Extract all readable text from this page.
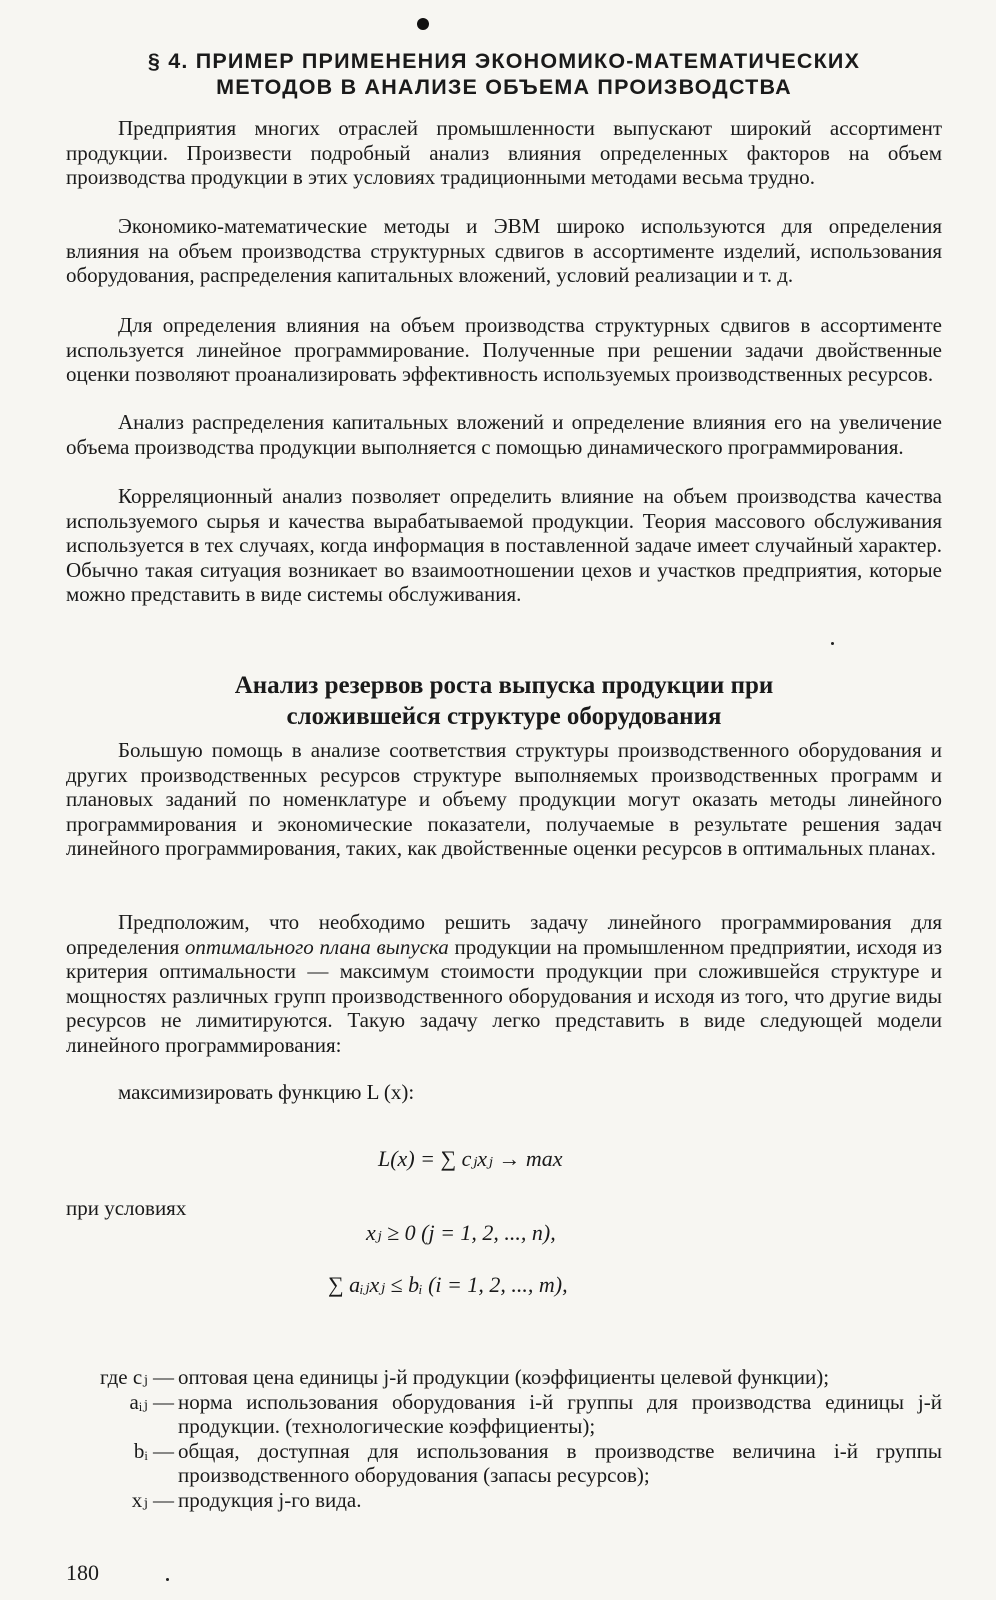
§ 4. ПРИМЕР ПРИМЕНЕНИЯ ЭКОНОМИКО-МАТЕМАТИЧЕСКИХ
МЕТОДОВ В АНАЛИЗЕ ОБЪЕМА ПРОИЗВОДСТВА
Предприятия многих отраслей промышленности выпускают широкий ассортимент продукции. Произвести подробный анализ влияния определенных факторов на объем производства продукции в этих условиях традиционными методами весьма трудно.
Экономико-математические методы и ЭВМ широко используются для определения влияния на объем производства структурных сдвигов в ассортименте изделий, использования оборудования, распределения капитальных вложений, условий реализации и т. д.
Для определения влияния на объем производства структурных сдвигов в ассортименте используется линейное программирование. Полученные при решении задачи двойственные оценки позволяют проанализировать эффективность используемых производственных ресурсов.
Анализ распределения капитальных вложений и определение влияния его на увеличение объема производства продукции выполняется с помощью динамического программирования.
Корреляционный анализ позволяет определить влияние на объем производства качества используемого сырья и качества вырабатываемой продукции. Теория массового обслуживания используется в тех случаях, когда информация в поставленной задаче имеет случайный характер. Обычно такая ситуация возникает во взаимоотношении цехов и участков предприятия, которые можно представить в виде системы обслуживания.
Анализ резервов роста выпуска продукции при
сложившейся структуре оборудования
Большую помощь в анализе соответствия структуры производственного оборудования и других производственных ресурсов структуре выполняемых производственных программ и плановых заданий по номенклатуре и объему продукции могут оказать методы линейного программирования и экономические показатели, получаемые в результате решения задач линейного программирования, таких, как двойственные оценки ресурсов в оптимальных планах.
Предположим, что необходимо решить задачу линейного программирования для определения оптимального плана выпуска продукции на промышленном предприятии, исходя из критерия оптимальности — максимум стоимости продукции при сложившейся структуре и мощностях различных групп производственного оборудования и исходя из того, что другие виды ресурсов не лимитируются. Такую задачу легко представить в виде следующей модели линейного программирования:
максимизировать функцию L (x):
L(x) = ∑ cⱼxⱼ → max
при условиях
xⱼ ≥ 0 (j = 1, 2, ..., n),
∑ aᵢⱼxⱼ ≤ bᵢ (i = 1, 2, ..., m),
где cⱼ — оптовая цена единицы j-й продукции (коэффициенты целевой функции);
aᵢⱼ — норма использования оборудования i-й группы для производства единицы j-й продукции. (технологические коэффициенты);
bᵢ — общая, доступная для использования в производстве величина i-й группы производственного оборудования (запасы ресурсов);
xⱼ — продукция j-го вида.
180
